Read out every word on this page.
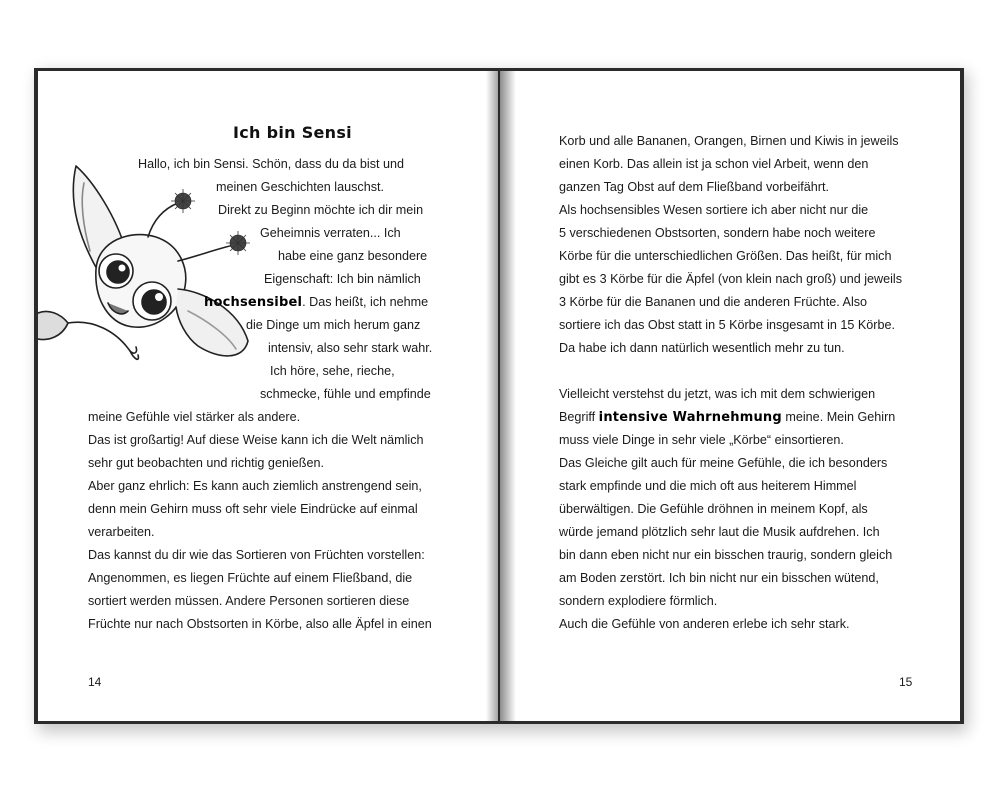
Ich bin Sensi
Hallo, ich bin Sensi. Schön, dass du da bist und
meinen Geschichten lauschst.
Direkt zu Beginn möchte ich dir mein
Geheimnis verraten... Ich
habe eine ganz besondere
Eigenschaft: Ich bin nämlich
hochsensibel. Das heißt, ich nehme
die Dinge um mich herum ganz
intensiv, also sehr stark wahr.
Ich höre, sehe, rieche,
schmecke, fühle und empfinde
meine Gefühle viel stärker als andere.
Das ist großartig! Auf diese Weise kann ich die Welt nämlich
sehr gut beobachten und richtig genießen.
Aber ganz ehrlich: Es kann auch ziemlich anstrengend sein,
denn mein Gehirn muss oft sehr viele Eindrücke auf einmal
verarbeiten.
Das kannst du dir wie das Sortieren von Früchten vorstellen:
Angenommen, es liegen Früchte auf einem Fließband, die
sortiert werden müssen. Andere Personen sortieren diese
Früchte nur nach Obstsorten in Körbe, also alle Äpfel in einen
14
Korb und alle Bananen, Orangen, Birnen und Kiwis in jeweils
einen Korb. Das allein ist ja schon viel Arbeit, wenn den
ganzen Tag Obst auf dem Fließband vorbeifährt.
Als hochsensibles Wesen sortiere ich aber nicht nur die
5 verschiedenen Obstsorten, sondern habe noch weitere
Körbe für die unterschiedlichen Größen. Das heißt, für mich
gibt es 3 Körbe für die Äpfel (von klein nach groß) und jeweils
3 Körbe für die Bananen und die anderen Früchte. Also
sortiere ich das Obst statt in 5 Körbe insgesamt in 15 Körbe.
Da habe ich dann natürlich wesentlich mehr zu tun.
Vielleicht verstehst du jetzt, was ich mit dem schwierigen
Begriff intensive Wahrnehmung meine. Mein Gehirn
muss viele Dinge in sehr viele „Körbe“ einsortieren.
Das Gleiche gilt auch für meine Gefühle, die ich besonders
stark empfinde und die mich oft aus heiterem Himmel
überwältigen. Die Gefühle dröhnen in meinem Kopf, als
würde jemand plötzlich sehr laut die Musik aufdrehen. Ich
bin dann eben nicht nur ein bisschen traurig, sondern gleich
am Boden zerstört. Ich bin nicht nur ein bisschen wütend,
sondern explodiere förmlich.
Auch die Gefühle von anderen erlebe ich sehr stark.
15
